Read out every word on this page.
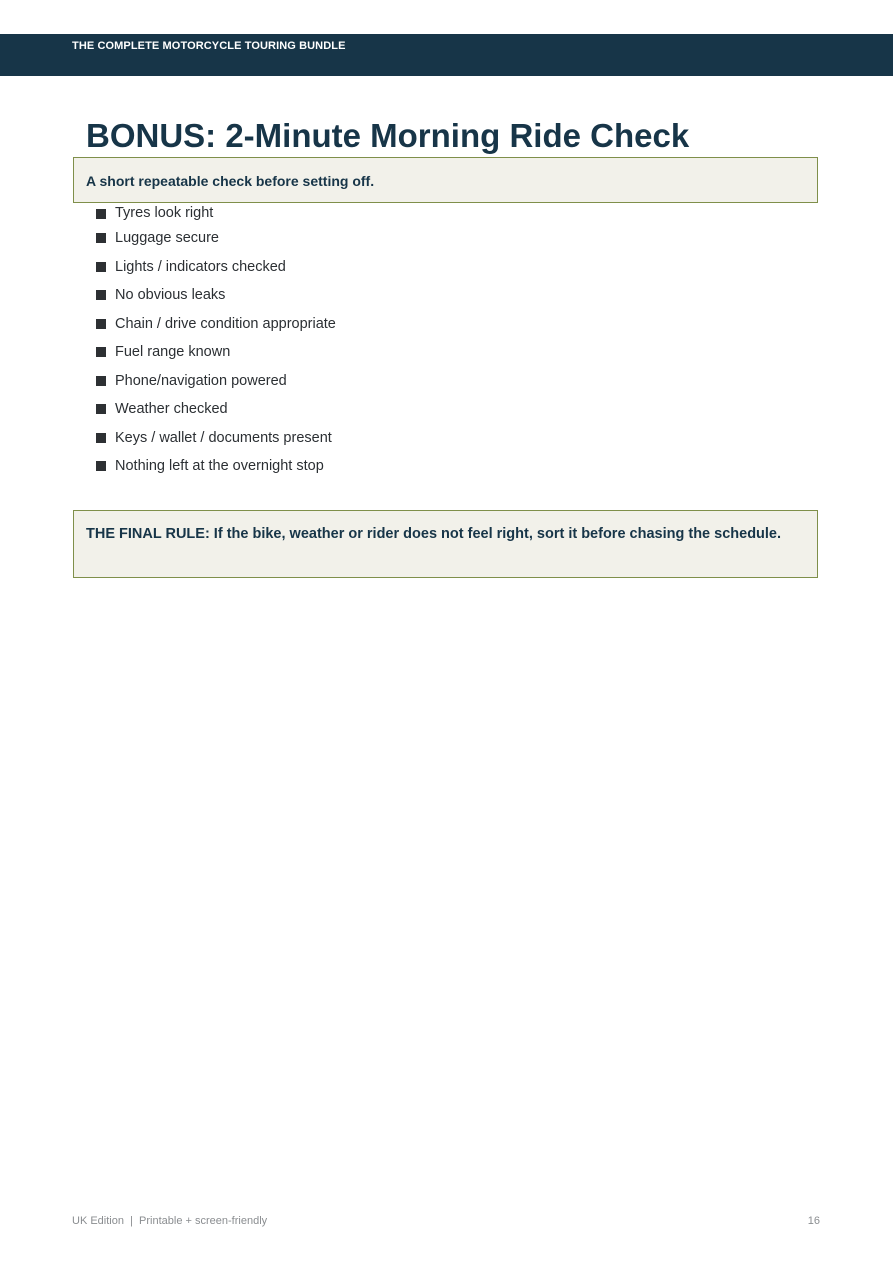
THE COMPLETE MOTORCYCLE TOURING BUNDLE
BONUS: 2-Minute Morning Ride Check
A short repeatable check before setting off.
Tyres look right
Luggage secure
Lights / indicators checked
No obvious leaks
Chain / drive condition appropriate
Fuel range known
Phone/navigation powered
Weather checked
Keys / wallet / documents present
Nothing left at the overnight stop
THE FINAL RULE: If the bike, weather or rider does not feel right, sort it before chasing the schedule.
UK Edition  |  Printable + screen-friendly	16
